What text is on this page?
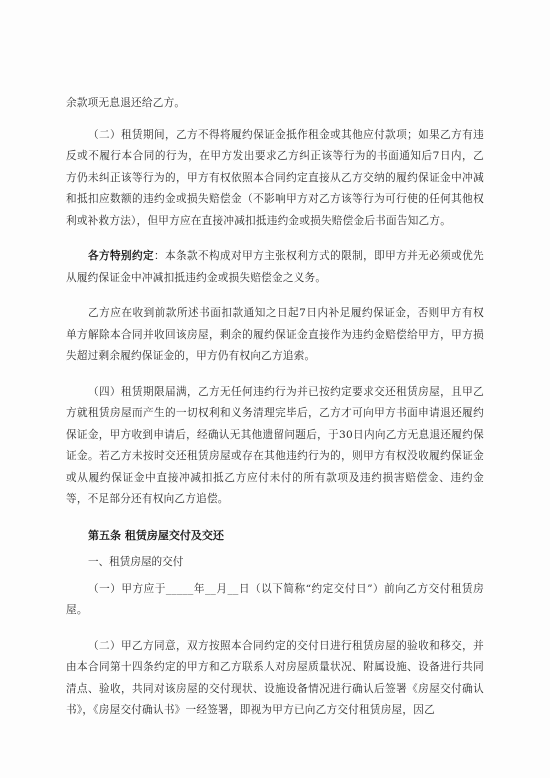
余款项无息退还给乙方。

（二）租赁期间，乙方不得将履约保证金抵作租金或其他应付款项；如果乙方有违反或不履行本合同的行为，在甲方发出要求乙方纠正该等行为的书面通知后7日内，乙方仍未纠正该等行为的，甲方有权依照本合同约定直接从乙方交纳的履约保证金中冲减和抵扣应数额的违约金或损失赔偿金（不影响甲方对乙方该等行为可行使的任何其他权利或补救方法），但甲方应在直接冲减扣抵违约金或损失赔偿金后书面告知乙方。

各方特别约定：本条款不构成对甲方主张权利方式的限制，即甲方并无必须或优先从履约保证金中冲减扣抵违约金或损失赔偿金之义务。

乙方应在收到前款所述书面扣款通知之日起7日内补足履约保证金，否则甲方有权单方解除本合同并收回该房屋，剩余的履约保证金直接作为违约金赔偿给甲方，甲方损失超过剩余履约保证金的，甲方仍有权向乙方追索。

（四）租赁期限届满，乙方无任何违约行为并已按约定要求交还租赁房屋，且甲乙方就租赁房屋而产生的一切权利和义务清理完毕后，乙方才可向甲方书面申请退还履约保证金，甲方收到申请后，经确认无其他遗留问题后，于30日内向乙方无息退还履约保证金。若乙方未按时交还租赁房屋或存在其他违约行为的，则甲方有权没收履约保证金或从履约保证金中直接冲减扣抵乙方应付未付的所有款项及违约损害赔偿金、违约金等，不足部分还有权向乙方追偿。

第五条 租赁房屋交付及交还

一、租赁房屋的交付

（一）甲方应于_____年__月__日（以下简称“约定交付日”）前向乙方交付租赁房屋。

（二）甲乙方同意，双方按照本合同约定的交付日进行租赁房屋的验收和移交，并由本合同第十四条约定的甲方和乙方联系人对房屋质量状况、附属设施、设备进行共同清点、验收，共同对该房屋的交付现状、设施设备情况进行确认后签署《房屋交付确认书》，《房屋交付确认书》一经签署，即视为甲方已向乙方交付租赁房屋，因乙
